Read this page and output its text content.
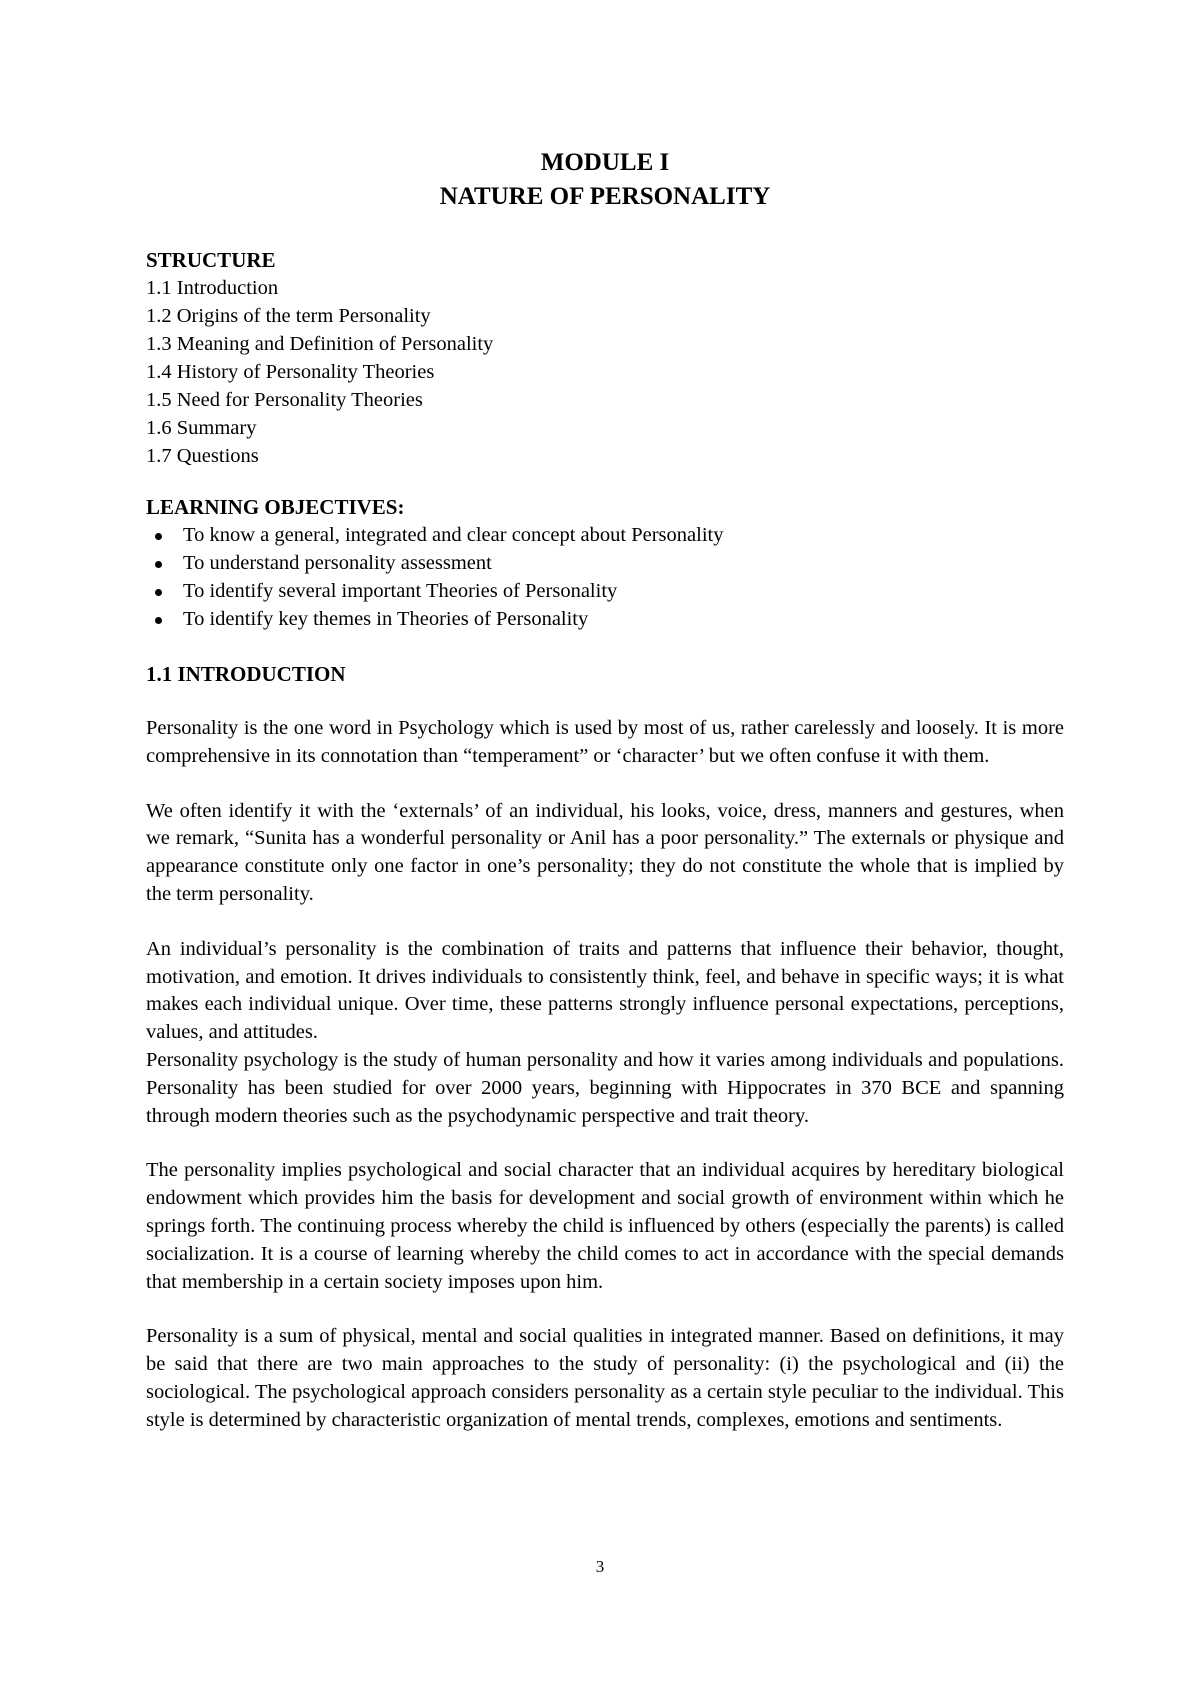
MODULE I
NATURE OF PERSONALITY
STRUCTURE
1.1 Introduction
1.2 Origins of the term Personality
1.3 Meaning and Definition of Personality
1.4 History of Personality Theories
1.5 Need for Personality Theories
1.6 Summary
1.7 Questions
LEARNING OBJECTIVES:
To know a general, integrated and clear concept about Personality
To understand personality assessment
To identify several important Theories of Personality
To identify key themes in Theories of Personality
1.1 INTRODUCTION

Personality is the one word in Psychology which is used by most of us, rather carelessly and loosely. It is more comprehensive in its connotation than “temperament” or ‘character’ but we often confuse it with them.

We often identify it with the ‘externals’ of an individual, his looks, voice, dress, manners and gestures, when we remark, “Sunita has a wonderful personality or Anil has a poor personality.” The externals or physique and appearance constitute only one factor in one’s personality; they do not constitute the whole that is implied by the term personality.

An individual’s personality is the combination of traits and patterns that influence their behavior, thought, motivation, and emotion. It drives individuals to consistently think, feel, and behave in specific ways; it is what makes each individual unique. Over time, these patterns strongly influence personal expectations, perceptions, values, and attitudes.

Personality psychology is the study of human personality and how it varies among individuals and populations. Personality has been studied for over 2000 years, beginning with Hippocrates in 370 BCE and spanning through modern theories such as the psychodynamic perspective and trait theory.

The personality implies psychological and social character that an individual acquires by hereditary biological endowment which provides him the basis for development and social growth of environment within which he springs forth. The continuing process whereby the child is influenced by others (especially the parents) is called socialization. It is a course of learning whereby the child comes to act in accordance with the special demands that membership in a certain society imposes upon him.

Personality is a sum of physical, mental and social qualities in integrated manner. Based on definitions, it may be said that there are two main approaches to the study of personality: (i) the psychological and (ii) the sociological. The psychological approach considers personality as a certain style peculiar to the individual. This style is determined by characteristic organization of mental trends, complexes, emotions and sentiments.

3
